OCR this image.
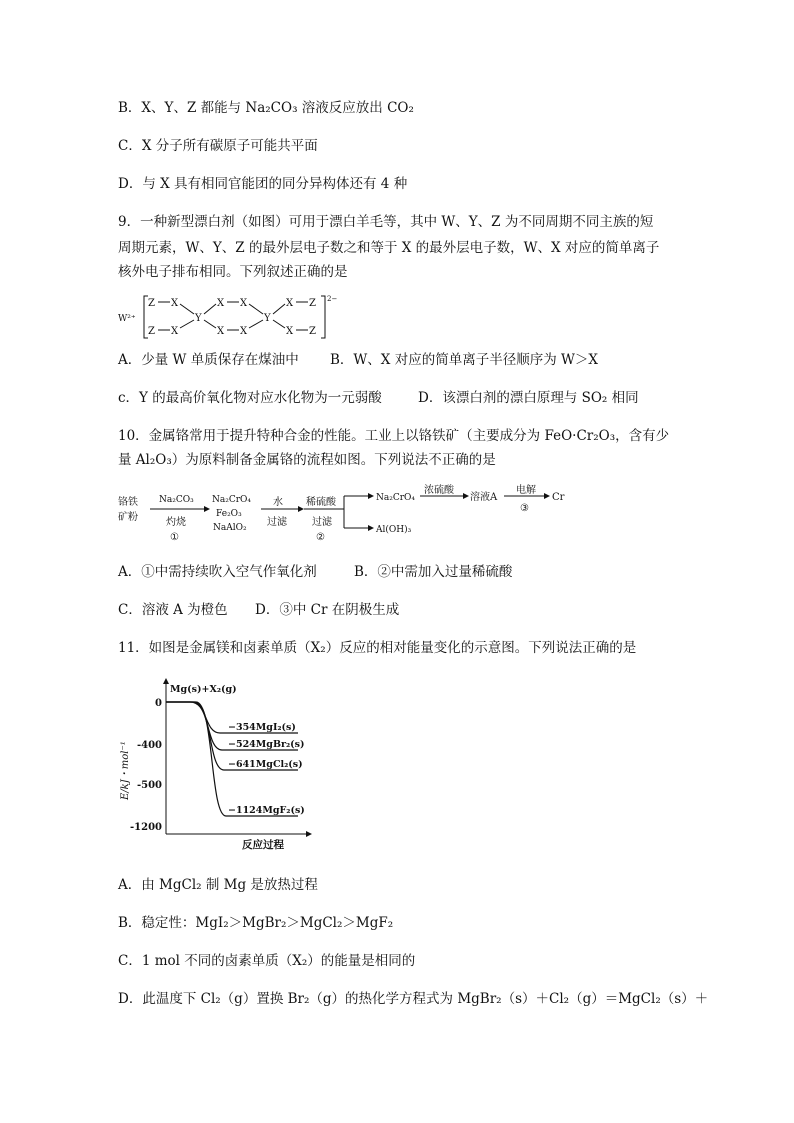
B．X、Y、Z 都能与 Na₂CO₃ 溶液反应放出 CO₂
C．X 分子所有碳原子可能共平面
D．与 X 具有相同官能团的同分异构体还有 4 种
9．一种新型漂白剂（如图）可用于漂白羊毛等，其中 W、Y、Z 为不同周期不同主族的短
周期元素，W、Y、Z 的最外层电子数之和等于 X 的最外层电子数，W、X 对应的简单离子
核外电子排布相同。下列叙述正确的是
W²⁺
Z X
Z X
Y
X X
X X
Y
X Z
X Z
2−
A．少量 W 单质保存在煤油中 B．W、X 对应的简单离子半径顺序为 W＞X
c．Y 的最高价氧化物对应水化物为一元弱酸	D．该漂白剂的漂白原理与 SO₂ 相同
10．金属铬常用于提升特种合金的性能。工业上以铬铁矿（主要成分为 FeO·Cr₂O₃，含有少
量 Al₂O₃）为原料制备金属铬的流程如图。下列说法不正确的是
铬铁
矿粉
Na₂CO₃
灼烧
①
Na₂CrO₄
Fe₂O₃
NaAlO₂
水
过滤
稀硫酸
过滤
②
Na₂CrO₄
Al(OH)₃
浓硫酸
溶液A
电解
③
Cr
A．①中需持续吹入空气作氧化剂	B．②中需加入过量稀硫酸
C．溶液 A 为橙色 D．③中 Cr 在阴极生成
11．如图是金属镁和卤素单质（X₂）反应的相对能量变化的示意图。下列说法正确的是
E/kJ・mol⁻¹
Mg(s)+X₂(g)
反应过程
0
-400
-500
-1200
−354MgI₂(s)
−524MgBr₂(s)
−641MgCl₂(s)
−1124MgF₂(s)
A．由 MgCl₂ 制 Mg 是放热过程
B．稳定性：MgI₂＞MgBr₂＞MgCl₂＞MgF₂
C．1 mol 不同的卤素单质（X₂）的能量是相同的
D．此温度下 Cl₂（g）置换 Br₂（g）的热化学方程式为 MgBr₂（s）＋Cl₂（g）＝MgCl₂（s）＋
